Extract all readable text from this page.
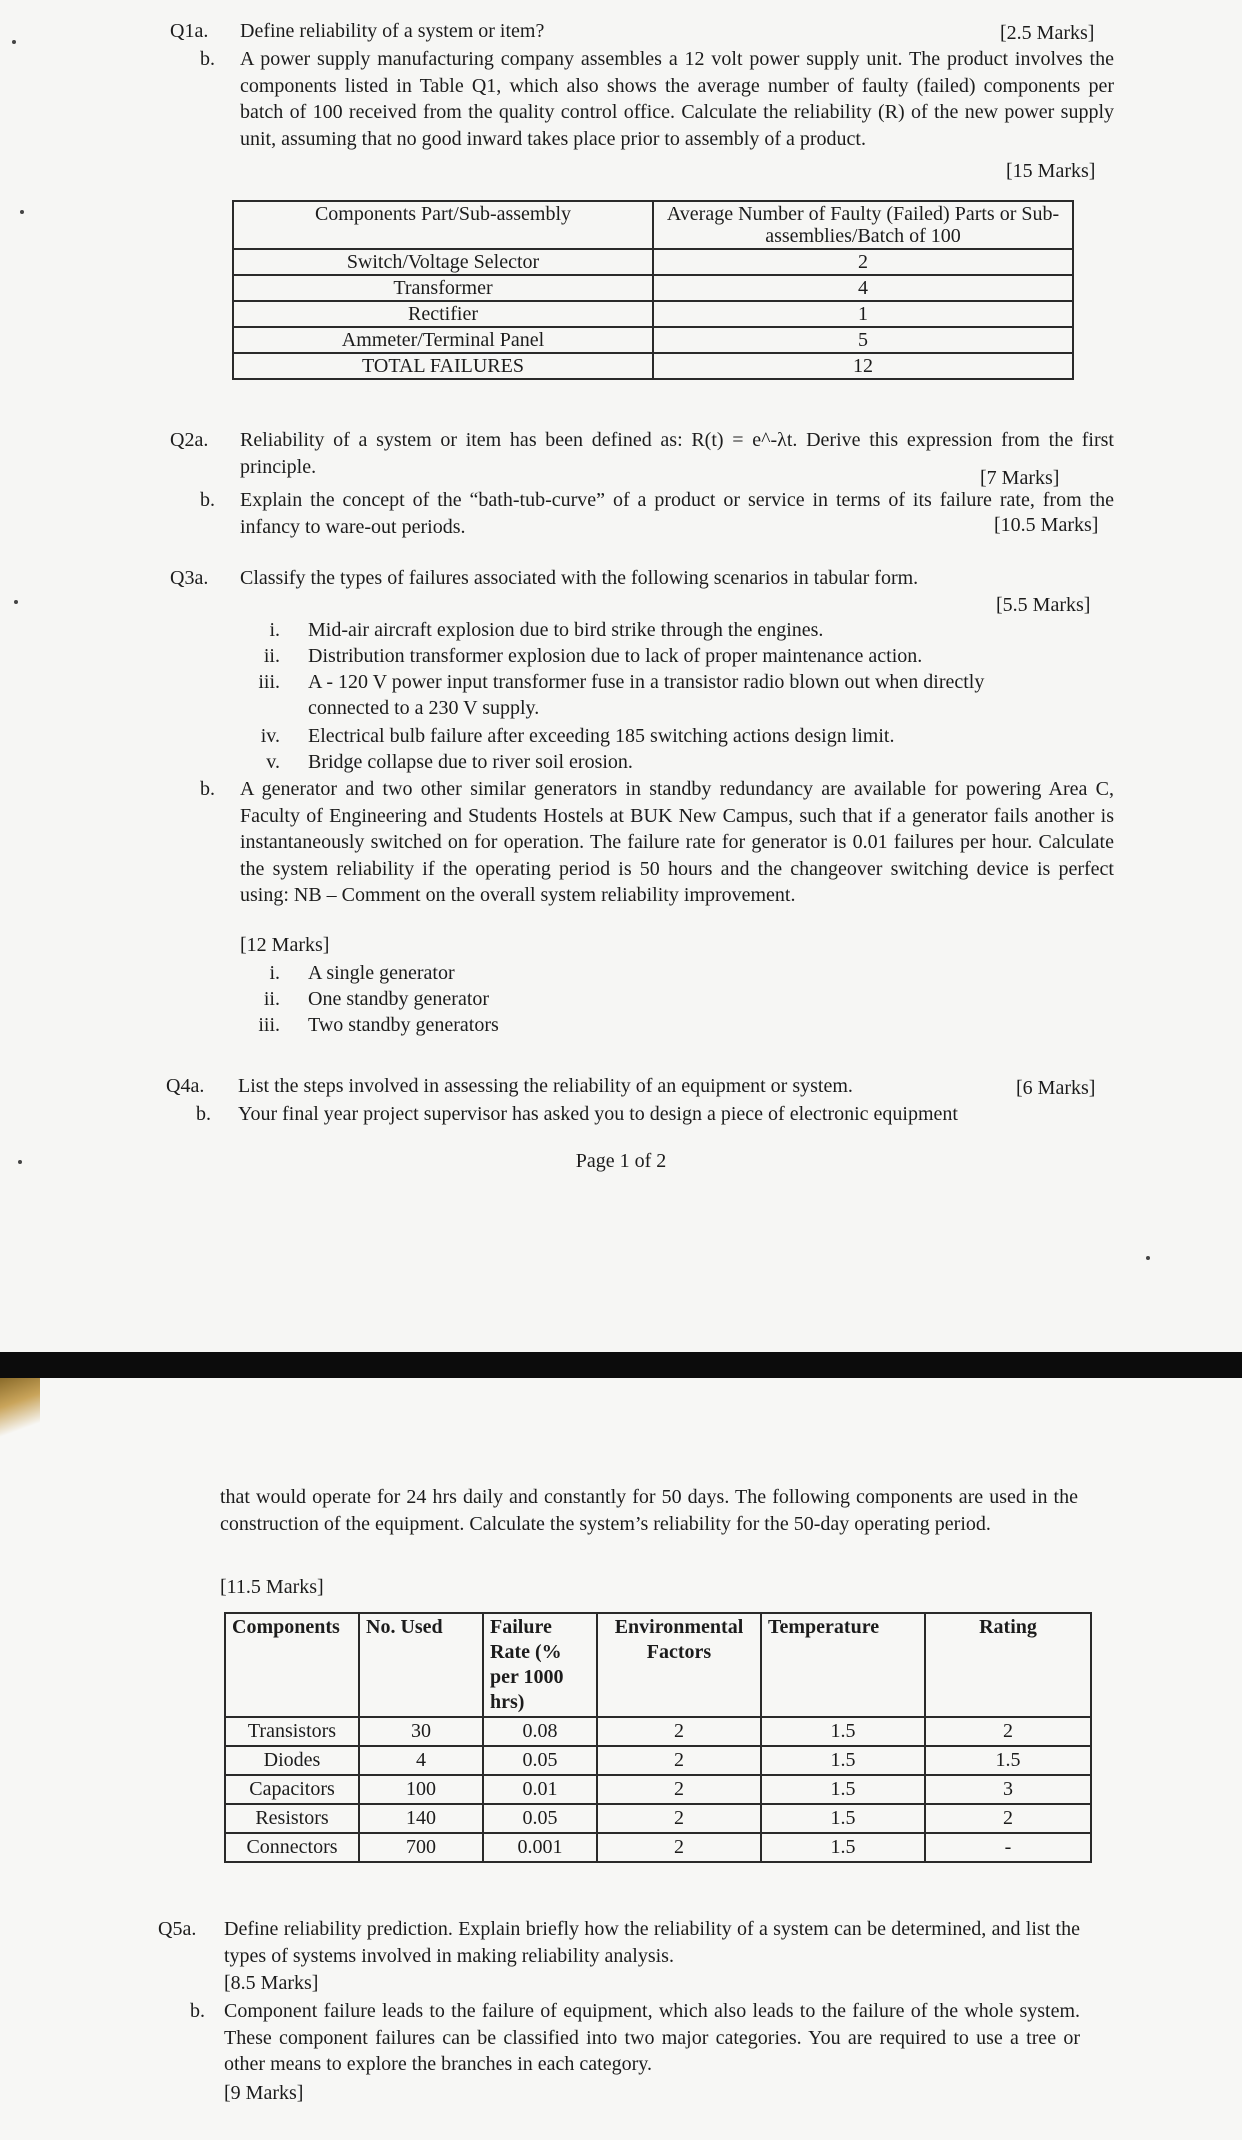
Q1a. Define reliability of a system or item?	[2.5 Marks]
b. A power supply manufacturing company assembles a 12 volt power supply unit. The product involves the components listed in Table Q1, which also shows the average number of faulty (failed) components per batch of 100 received from the quality control office. Calculate the reliability (R) of the new power supply unit, assuming that no good inward takes place prior to assembly of a product.
[15 Marks]
Components Part/Sub-assembly	Average Number of Faulty (Failed) Parts or Sub-assemblies/Batch of 100
Switch/Voltage Selector	2
Transformer	4
Rectifier	1
Ammeter/Terminal Panel	5
TOTAL FAILURES	12
Q2a. Reliability of a system or item has been defined as: R(t) = e^-λt. Derive this expression from the first principle.
[7 Marks]
b. Explain the concept of the “bath-tub-curve” of a product or service in terms of its failure rate, from the infancy to ware-out periods.	[10.5 Marks]
Q3a. Classify the types of failures associated with the following scenarios in tabular form.
[5.5 Marks]
i. Mid-air aircraft explosion due to bird strike through the engines.
ii. Distribution transformer explosion due to lack of proper maintenance action.
iii. A - 120 V power input transformer fuse in a transistor radio blown out when directly
connected to a 230 V supply.
iv. Electrical bulb failure after exceeding 185 switching actions design limit.
v. Bridge collapse due to river soil erosion.
b. A generator and two other similar generators in standby redundancy are available for powering Area C, Faculty of Engineering and Students Hostels at BUK New Campus, such that if a generator fails another is instantaneously switched on for operation. The failure rate for generator is 0.01 failures per hour. Calculate the system reliability if the operating period is 50 hours and the changeover switching device is perfect using: NB – Comment on the overall system reliability improvement.
[12 Marks]
i. A single generator
ii. One standby generator
iii. Two standby generators
Q4a. List the steps involved in assessing the reliability of an equipment or system.	[6 Marks]
b. Your final year project supervisor has asked you to design a piece of electronic equipment
Page 1 of 2
that would operate for 24 hrs daily and constantly for 50 days. The following components are used in the construction of the equipment. Calculate the system’s reliability for the 50-day operating period.
[11.5 Marks]
Q5a. Define reliability prediction. Explain briefly how the reliability of a system can be determined, and list the types of systems involved in making reliability analysis.
[8.5 Marks]
b. Component failure leads to the failure of equipment, which also leads to the failure of the whole system. These component failures can be classified into two major categories. You are required to use a tree or other means to explore the branches in each category.
[9 Marks]
Components	No. Used	Failure Rate (% per 1000 hrs)	Environmental Factors	Temperature	Rating
Transistors	30	0.08	2	1.5	2
Diodes	4	0.05	2	1.5	1.5
Capacitors	100	0.01	2	1.5	3
Resistors	140	0.05	2	1.5	2
Connectors	700	0.001	2	1.5	-
